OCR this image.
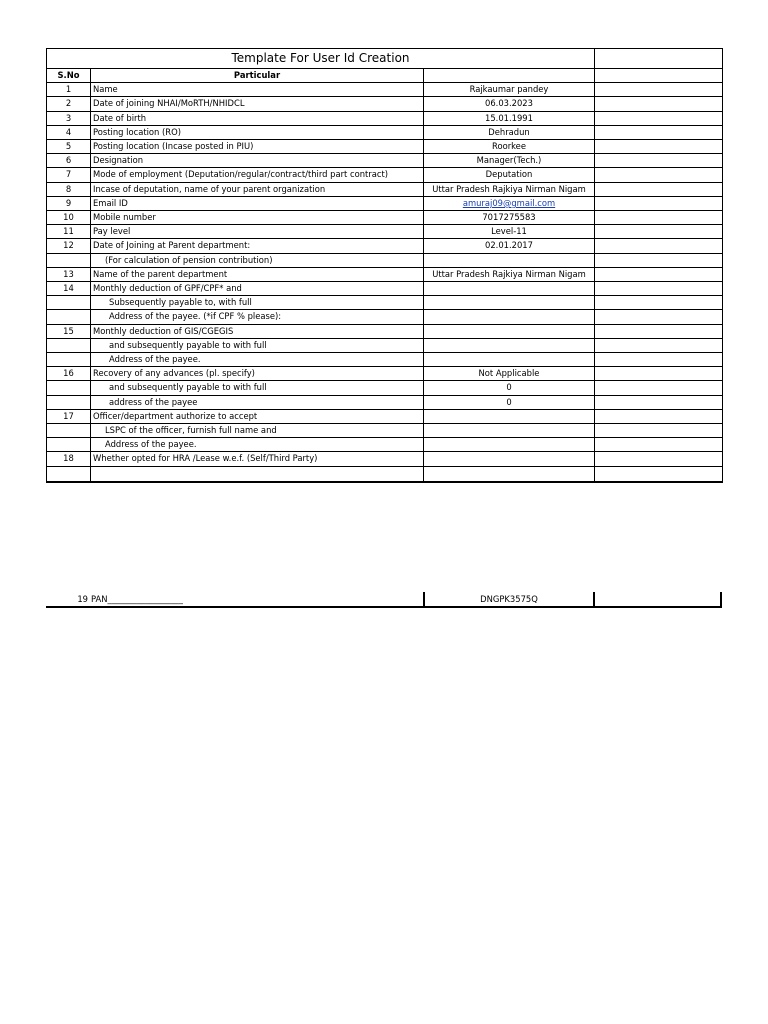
Template For User Id Creation			
S.No	Particular		
1	Name	Rajkaumar pandey	
2	Date of joining NHAI/MoRTH/NHIDCL	06.03.2023	
3	Date of birth	15.01.1991	
4	Posting location (RO)	Dehradun	
5	Posting location (Incase posted in PIU)	Roorkee	
6	Designation	Manager(Tech.)	
7	Mode of employment (Deputation/regular/contract/third part contract)	Deputation	
8	Incase of deputation, name of your parent organization	Uttar Pradesh Rajkiya Nirman Nigam	
9	Email ID	amuraj09@gmail.com	
10	Mobile number	7017275583	
11	Pay level	Level-11	
12	Date of Joining at Parent department:	02.01.2017	
	(For calculation of pension contribution)		
13	Name of the parent department	Uttar Pradesh Rajkiya Nirman Nigam	
14	Monthly deduction of GPF/CPF* and		
	Subsequently payable to, with full		
	Address of the payee. (*if CPF % please):		
15	Monthly deduction of GIS/CGEGIS		
	and subsequently payable to with full		
	Address of the payee.		
16	Recovery of any advances (pl. specify)	Not Applicable	
	and subsequently payable to with full	0	
	address of the payee	0	
17	Officer/department authorize to accept		
	LSPC of the officer, furnish full name and		
	Address of the payee.		
18	Whether opted for HRA /Lease w.e.f. (Self/Third Party)		

19 PAN__________________	DNGPK3575Q
